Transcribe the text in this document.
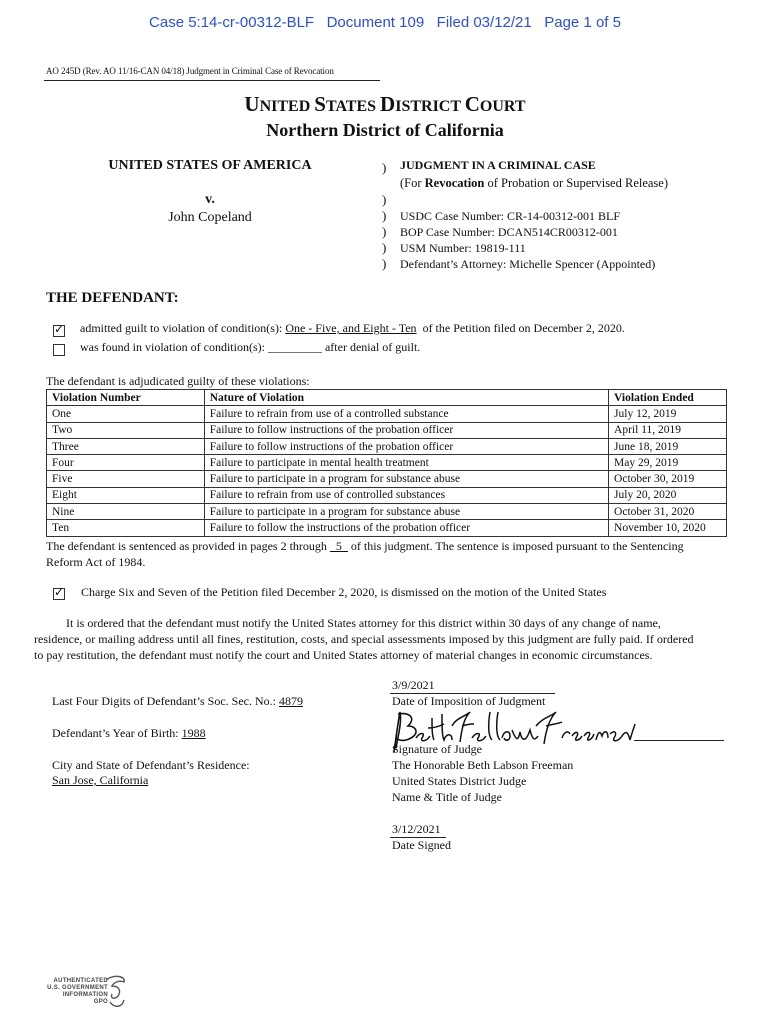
Case 5:14-cr-00312-BLF   Document 109   Filed 03/12/21   Page 1 of 5
AO 245D (Rev. AO 11/16-CAN 04/18) Judgment in Criminal Case of Revocation
UNITED STATES DISTRICT COURT
Northern District of California
UNITED STATES OF AMERICA
v.
John Copeland
)
)
)
)
)
)
JUDGMENT IN A CRIMINAL CASE
(For Revocation of Probation or Supervised Release)
USDC Case Number: CR-14-00312-001 BLF
BOP Case Number: DCAN514CR00312-001
USM Number: 19819-111
Defendant’s Attorney: Michelle Spencer (Appointed)
THE DEFENDANT:
✓
admitted guilt to violation of condition(s): One - Five, and Eight - Ten  of the Petition filed on December 2, 2020.
was found in violation of condition(s): _________ after denial of guilt.
The defendant is adjudicated guilty of these violations:
Violation Number	Nature of Violation	Violation Ended
One	Failure to refrain from use of a controlled substance	July 12, 2019
Two	Failure to follow instructions of the probation officer	April 11, 2019
Three	Failure to follow instructions of the probation officer	June 18, 2019
Four	Failure to participate in mental health treatment	May 29, 2019
Five	Failure to participate in a program for substance abuse	October 30, 2019
Eight	Failure to refrain from use of controlled substances	July 20, 2020
Nine	Failure to participate in a program for substance abuse	October 31, 2020
Ten	Failure to follow the instructions of the probation officer	November 10, 2020
The defendant is sentenced as provided in pages 2 through   5   of this judgment. The sentence is imposed pursuant to the Sentencing
Reform Act of 1984.
✓
Charge Six and Seven of the Petition filed December 2, 2020, is dismissed on the motion of the United States
It is ordered that the defendant must notify the United States attorney for this district within 30 days of any change of name,
residence, or mailing address until all fines, restitution, costs, and special assessments imposed by this judgment are fully paid. If ordered
to pay restitution, the defendant must notify the court and United States attorney of material changes in economic circumstances.
Last Four Digits of Defendant’s Soc. Sec. No.: 4879
Defendant’s Year of Birth: 1988
City and State of Defendant’s Residence:
San Jose, California
3/9/2021
Date of Imposition of Judgment
Signature of Judge
The Honorable Beth Labson Freeman
United States District Judge
Name & Title of Judge
3/12/2021
Date Signed
AUTHENTICATED
U.S. GOVERNMENT
INFORMATION
GPO
